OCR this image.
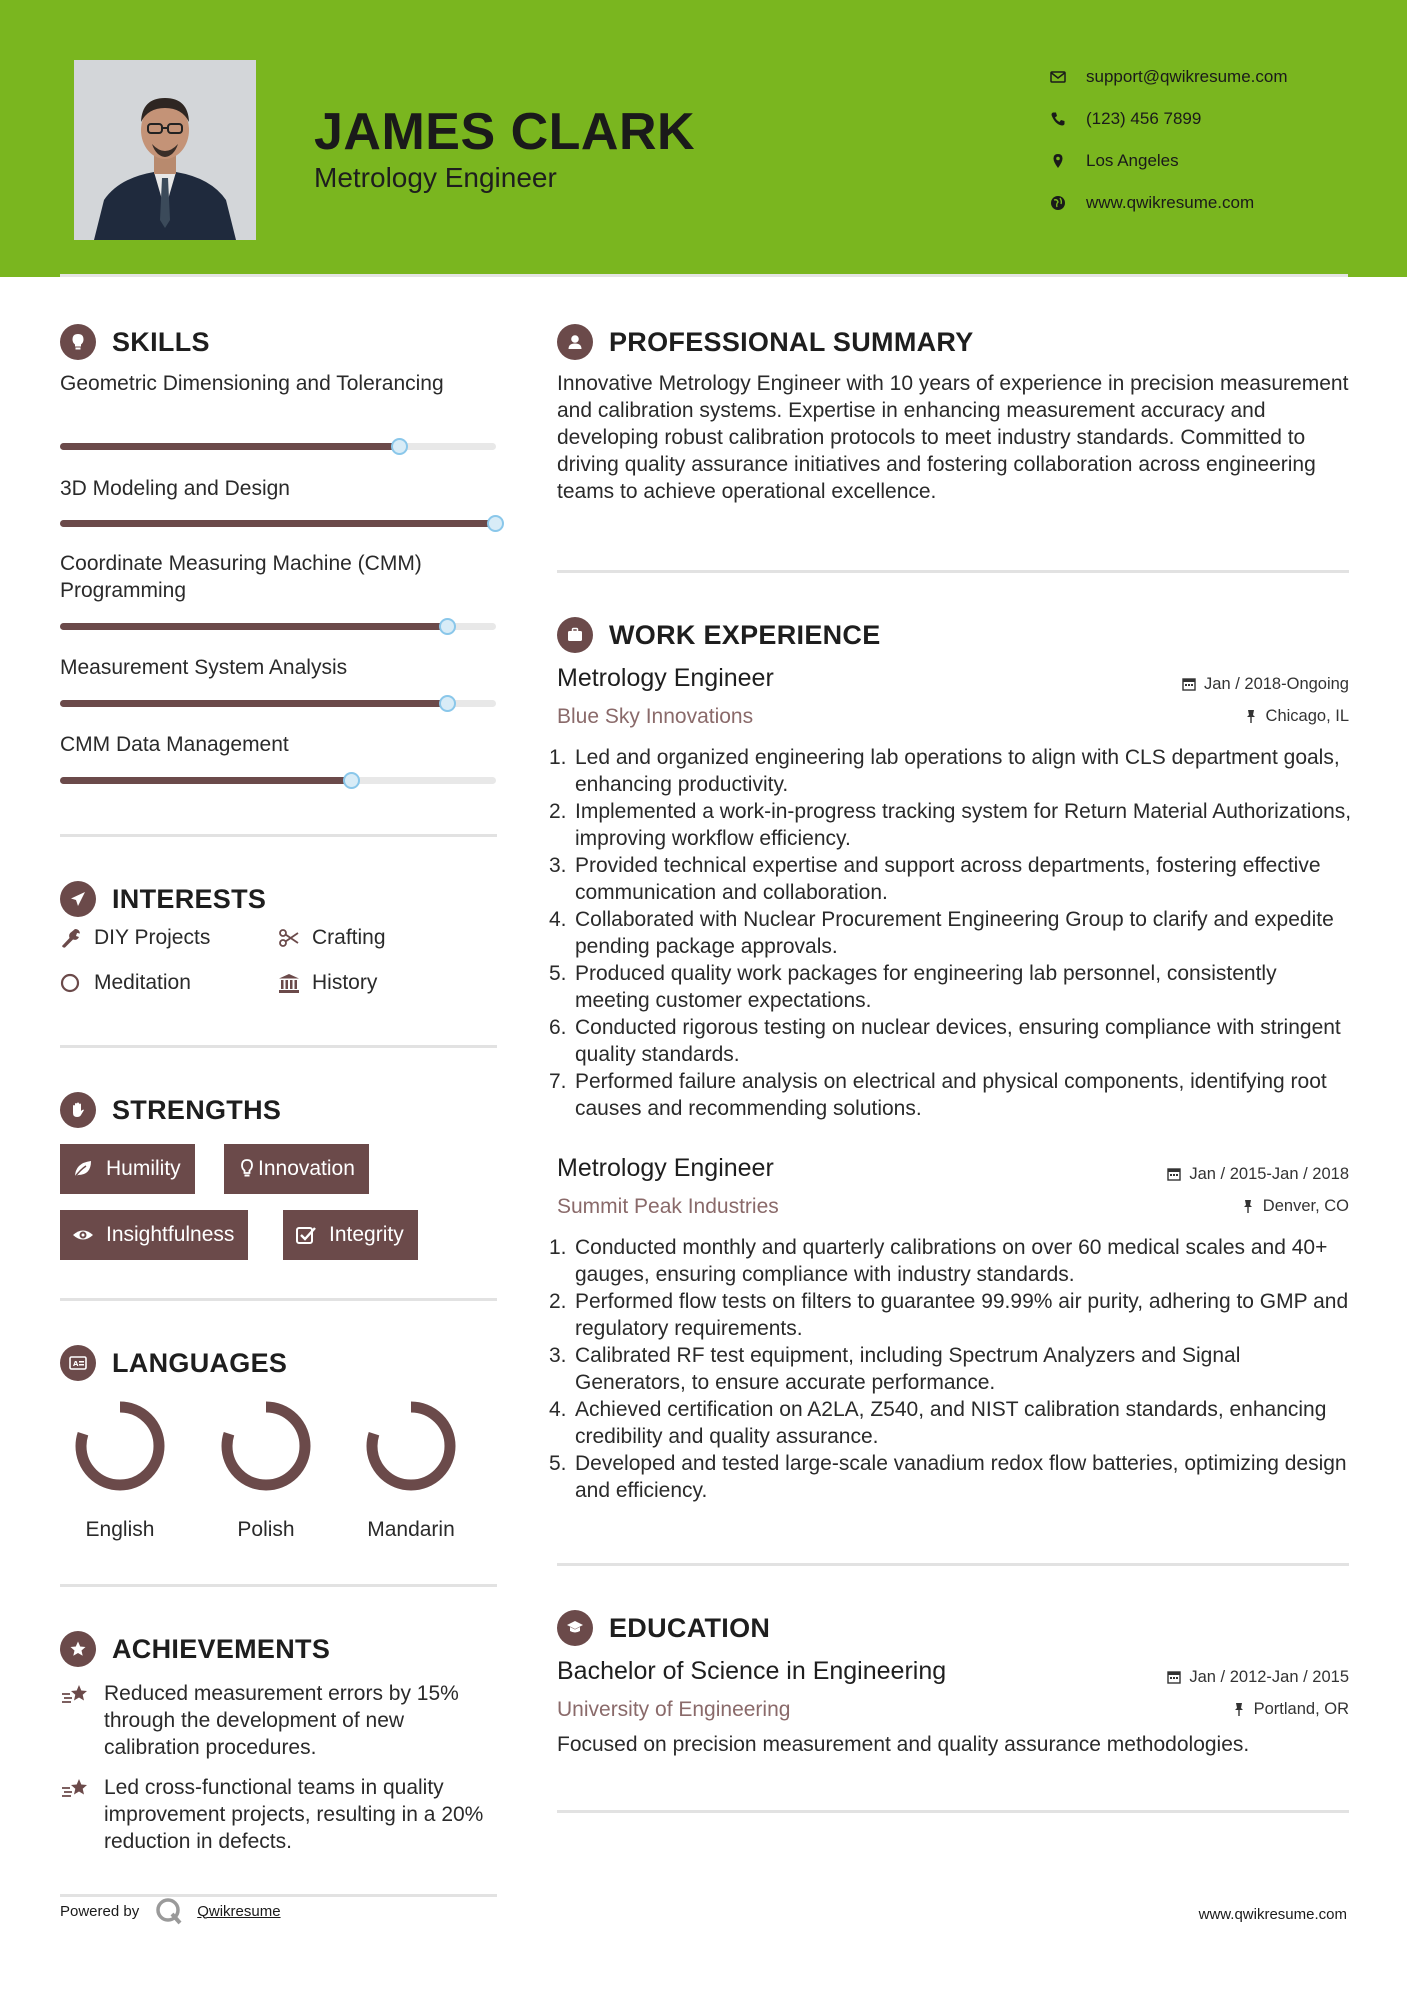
JAMES CLARK
Metrology Engineer
support@qwikresume.com
(123) 456 7899
Los Angeles
www.qwikresume.com
SKILLS
Geometric Dimensioning and Tolerancing
3D Modeling and Design
Coordinate Measuring Machine (CMM) Programming
Measurement System Analysis
CMM Data Management
INTERESTS
DIY Projects	Crafting
Meditation	History
STRENGTHS
Humility	Innovation
Insightfulness	Integrity
A LANGUAGES
English	Polish	Mandarin
ACHIEVEMENTS
Reduced measurement errors by 15% through the development of new calibration procedures.
Led cross-functional teams in quality improvement projects, resulting in a 20% reduction in defects.
PROFESSIONAL SUMMARY
Innovative Metrology Engineer with 10 years of experience in precision measurement and calibration systems. Expertise in enhancing measurement accuracy and developing robust calibration protocols to meet industry standards. Committed to driving quality assurance initiatives and fostering collaboration across engineering teams to achieve operational excellence.
WORK EXPERIENCE
Metrology Engineer
Blue Sky Innovations
Jan / 2018-Ongoing
Chicago, IL
1. Led and organized engineering lab operations to align with CLS department goals, enhancing productivity.
2. Implemented a work-in-progress tracking system for Return Material Authorizations, improving workflow efficiency.
3. Provided technical expertise and support across departments, fostering effective communication and collaboration.
4. Collaborated with Nuclear Procurement Engineering Group to clarify and expedite pending package approvals.
5. Produced quality work packages for engineering lab personnel, consistently meeting customer expectations.
6. Conducted rigorous testing on nuclear devices, ensuring compliance with stringent quality standards.
7. Performed failure analysis on electrical and physical components, identifying root causes and recommending solutions.
Metrology Engineer
Summit Peak Industries
Jan / 2015-Jan / 2018
Denver, CO
1. Conducted monthly and quarterly calibrations on over 60 medical scales and 40+ gauges, ensuring compliance with industry standards.
2. Performed flow tests on filters to guarantee 99.99% air purity, adhering to GMP and regulatory requirements.
3. Calibrated RF test equipment, including Spectrum Analyzers and Signal Generators, to ensure accurate performance.
4. Achieved certification on A2LA, Z540, and NIST calibration standards, enhancing credibility and quality assurance.
5. Developed and tested large-scale vanadium redox flow batteries, optimizing design and efficiency.
EDUCATION
Bachelor of Science in Engineering
University of Engineering
Jan / 2012-Jan / 2015
Portland, OR
Focused on precision measurement and quality assurance methodologies.
Powered by	Qwikresume	www.qwikresume.com
